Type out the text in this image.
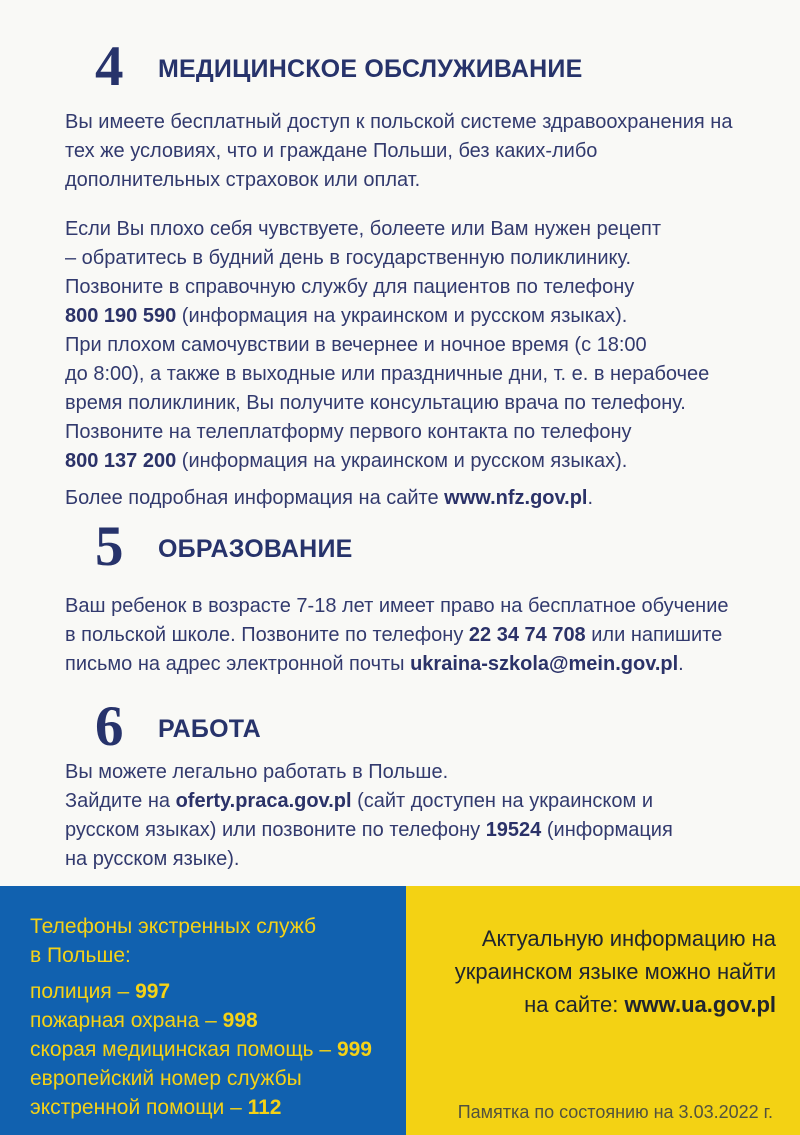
4	МЕДИЦИНСКОЕ ОБСЛУЖИВАНИЕ

Вы имеете бесплатный доступ к польской системе здравоохранения на
тех же условиях, что и граждане Польши, без каких-либо
дополнительных страховок или оплат.

Если Вы плохо себя чувствуете, болеете или Вам нужен рецепт
– обратитесь в будний день в государственную поликлинику.
Позвоните в справочную службу для пациентов по телефону
800 190 590 (информация на украинском и русском языках).
При плохом самочувствии в вечернее и ночное время (с 18:00
до 8:00), а также в выходные или праздничные дни, т. е. в нерабочее
время поликлиник, Вы получите консультацию врача по телефону.
Позвоните на телеплатформу первого контакта по телефону
800 137 200 (информация на украинском и русском языках).

Более подробная информация на сайте www.nfz.gov.pl.

5	ОБРАЗОВАНИЕ

Ваш ребенок в возрасте 7-18 лет имеет право на бесплатное обучение
в польской школе. Позвоните по телефону 22 34 74 708 или напишите
письмо на адрес электронной почты ukraina-szkola@mein.gov.pl.

6	РАБОТА

Вы можете легально работать в Польше.
Зайдите на oferty.praca.gov.pl (сайт доступен на украинском и
русском языках) или позвоните по телефону 19524 (информация
на русском языке).

Телефоны экстренных служб
в Польше:

полиция – 997

пожарная охрана – 998

скорая медицинская помощь – 999

европейский номер службы
экстренной помощи – 112

Актуальную информацию на
украинском языке можно найти
на сайте: www.ua.gov.pl

Памятка по состоянию на 3.03.2022 г.
